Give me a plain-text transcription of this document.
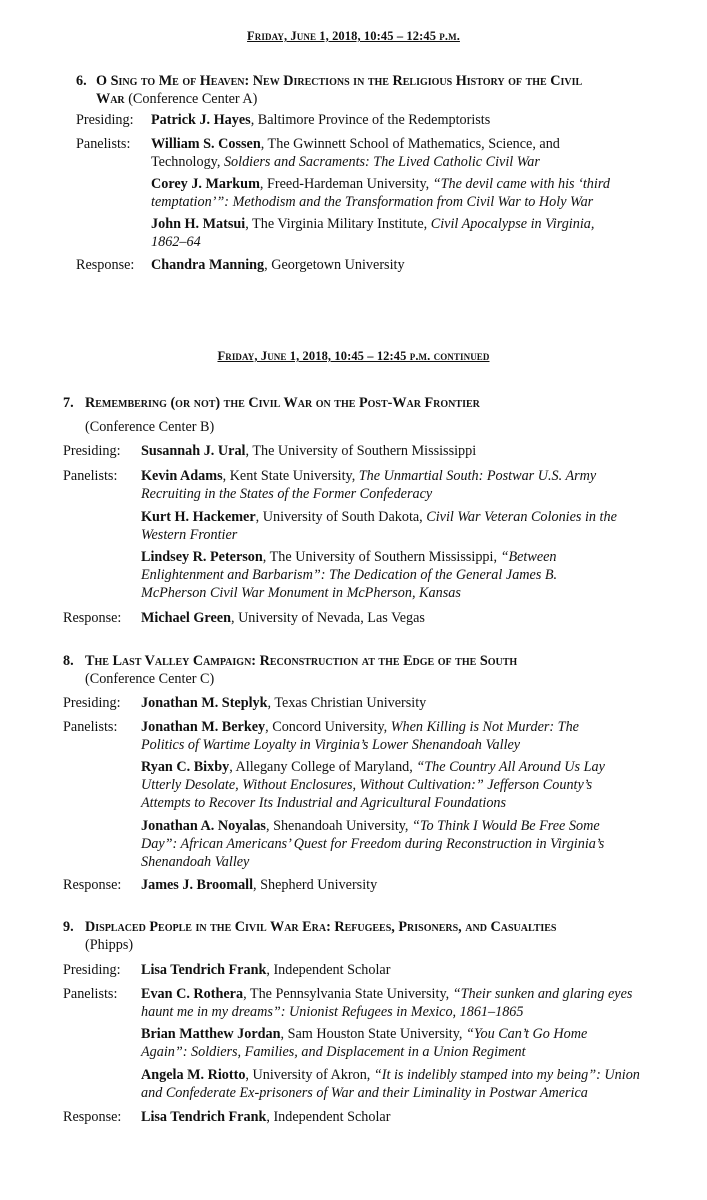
Friday, June 1, 2018, 10:45 – 12:45 p.m.
6. O Sing to Me of Heaven: New Directions in the Religious History of the Civil
War (Conference Center A)
Presiding: Patrick J. Hayes, Baltimore Province of the Redemptorists
Panelists: William S. Cossen, The Gwinnett School of Mathematics, Science, and Technology, Soldiers and Sacraments: The Lived Catholic Civil War
Corey J. Markum, Freed-Hardeman University, “The devil came with his ‘third temptation’”: Methodism and the Transformation from Civil War to Holy War
John H. Matsui, The Virginia Military Institute, Civil Apocalypse in Virginia, 1862–64
Response: Chandra Manning, Georgetown University
Friday, June 1, 2018, 10:45 – 12:45 p.m. continued
7. Remembering (or not) the Civil War on the Post-War Frontier
(Conference Center B)
Presiding: Susannah J. Ural, The University of Southern Mississippi
Panelists: Kevin Adams, Kent State University, The Unmartial South: Postwar U.S. Army Recruiting in the States of the Former Confederacy
Kurt H. Hackemer, University of South Dakota, Civil War Veteran Colonies in the Western Frontier
Lindsey R. Peterson, The University of Southern Mississippi, “Between Enlightenment and Barbarism”: The Dedication of the General James B. McPherson Civil War Monument in McPherson, Kansas
Response: Michael Green, University of Nevada, Las Vegas
8. The Last Valley Campaign: Reconstruction at the Edge of the South
(Conference Center C)
Presiding: Jonathan M. Steplyk, Texas Christian University
Panelists: Jonathan M. Berkey, Concord University, When Killing is Not Murder: The Politics of Wartime Loyalty in Virginia’s Lower Shenandoah Valley
Ryan C. Bixby, Allegany College of Maryland, “The Country All Around Us Lay Utterly Desolate, Without Enclosures, Without Cultivation:” Jefferson County’s Attempts to Recover Its Industrial and Agricultural Foundations
Jonathan A. Noyalas, Shenandoah University, “To Think I Would Be Free Some Day”: African Americans’ Quest for Freedom during Reconstruction in Virginia’s Shenandoah Valley
Response: James J. Broomall, Shepherd University
9. Displaced People in the Civil War Era: Refugees, Prisoners, and Casualties
(Phipps)
Presiding: Lisa Tendrich Frank, Independent Scholar
Panelists: Evan C. Rothera, The Pennsylvania State University, “Their sunken and glaring eyes haunt me in my dreams”: Unionist Refugees in Mexico, 1861–1865
Brian Matthew Jordan, Sam Houston State University, “You Can’t Go Home Again”: Soldiers, Families, and Displacement in a Union Regiment
Angela M. Riotto, University of Akron, “It is indelibly stamped into my being”: Union and Confederate Ex-prisoners of War and their Liminality in Postwar America
Response: Lisa Tendrich Frank, Independent Scholar
